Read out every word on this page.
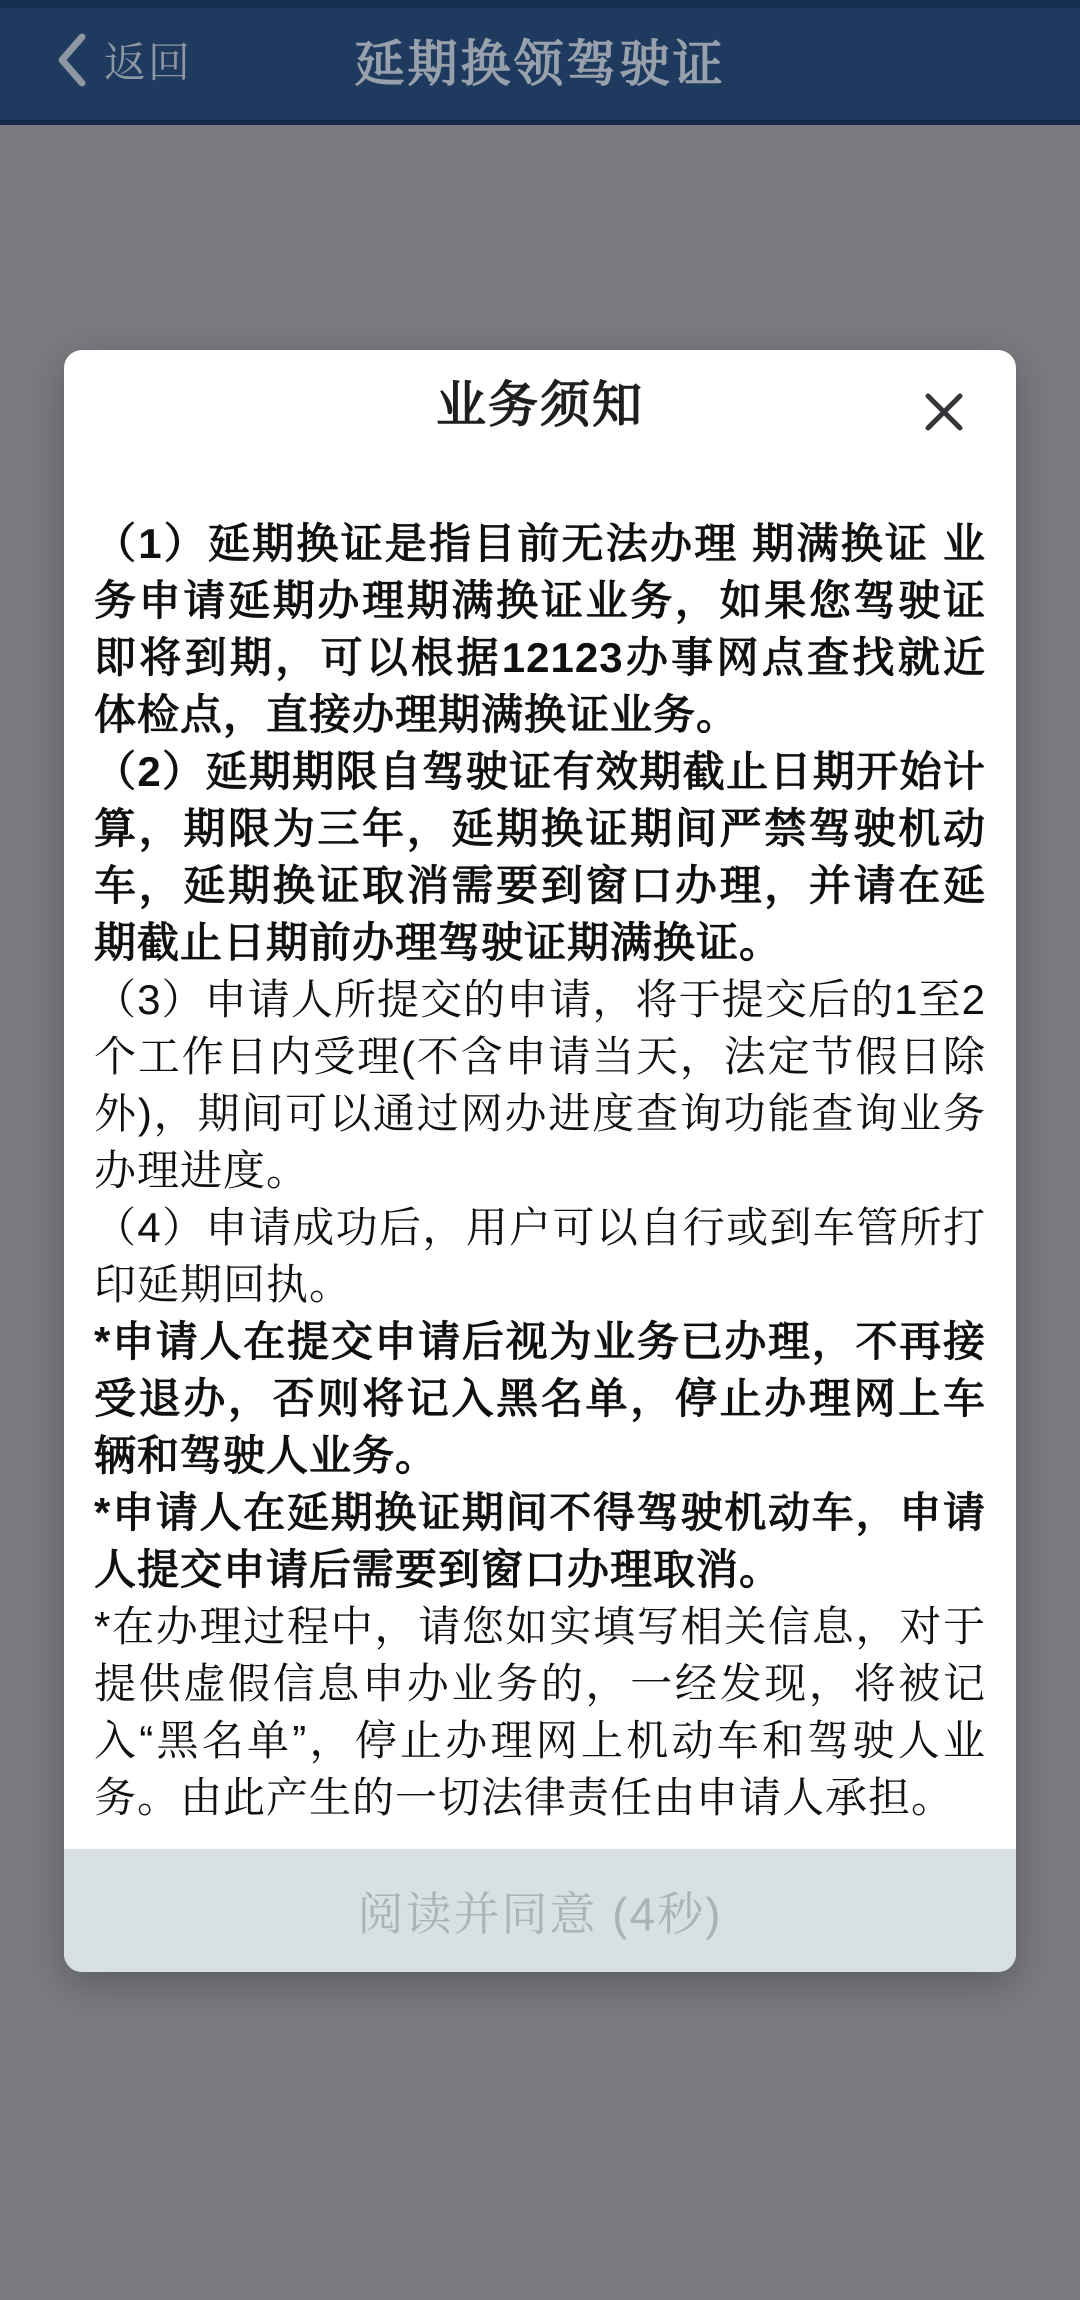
返回	延期换领驾驶证
业务须知

（1）延期换证是指目前无法办理 期满换证 业务申请延期办理期满换证业务，如果您驾驶证即将到期，可以根据12123办事网点查找就近体检点，直接办理期满换证业务。

（2）延期期限自驾驶证有效期截止日期开始计算，期限为三年，延期换证期间严禁驾驶机动车，延期换证取消需要到窗口办理，并请在延期截止日期前办理驾驶证期满换证。

（3）申请人所提交的申请，将于提交后的1至2个工作日内受理(不含申请当天，法定节假日除外)，期间可以通过网办进度查询功能查询业务办理进度。

（4）申请成功后，用户可以自行或到车管所打印延期回执。

*申请人在提交申请后视为业务已办理，不再接受退办，否则将记入黑名单，停止办理网上车辆和驾驶人业务。

*申请人在延期换证期间不得驾驶机动车，申请人提交申请后需要到窗口办理取消。

*在办理过程中，请您如实填写相关信息，对于提供虚假信息申办业务的，一经发现，将被记入“黑名单”，停止办理网上机动车和驾驶人业务。由此产生的一切法律责任由申请人承担。

阅读并同意 (4秒)
